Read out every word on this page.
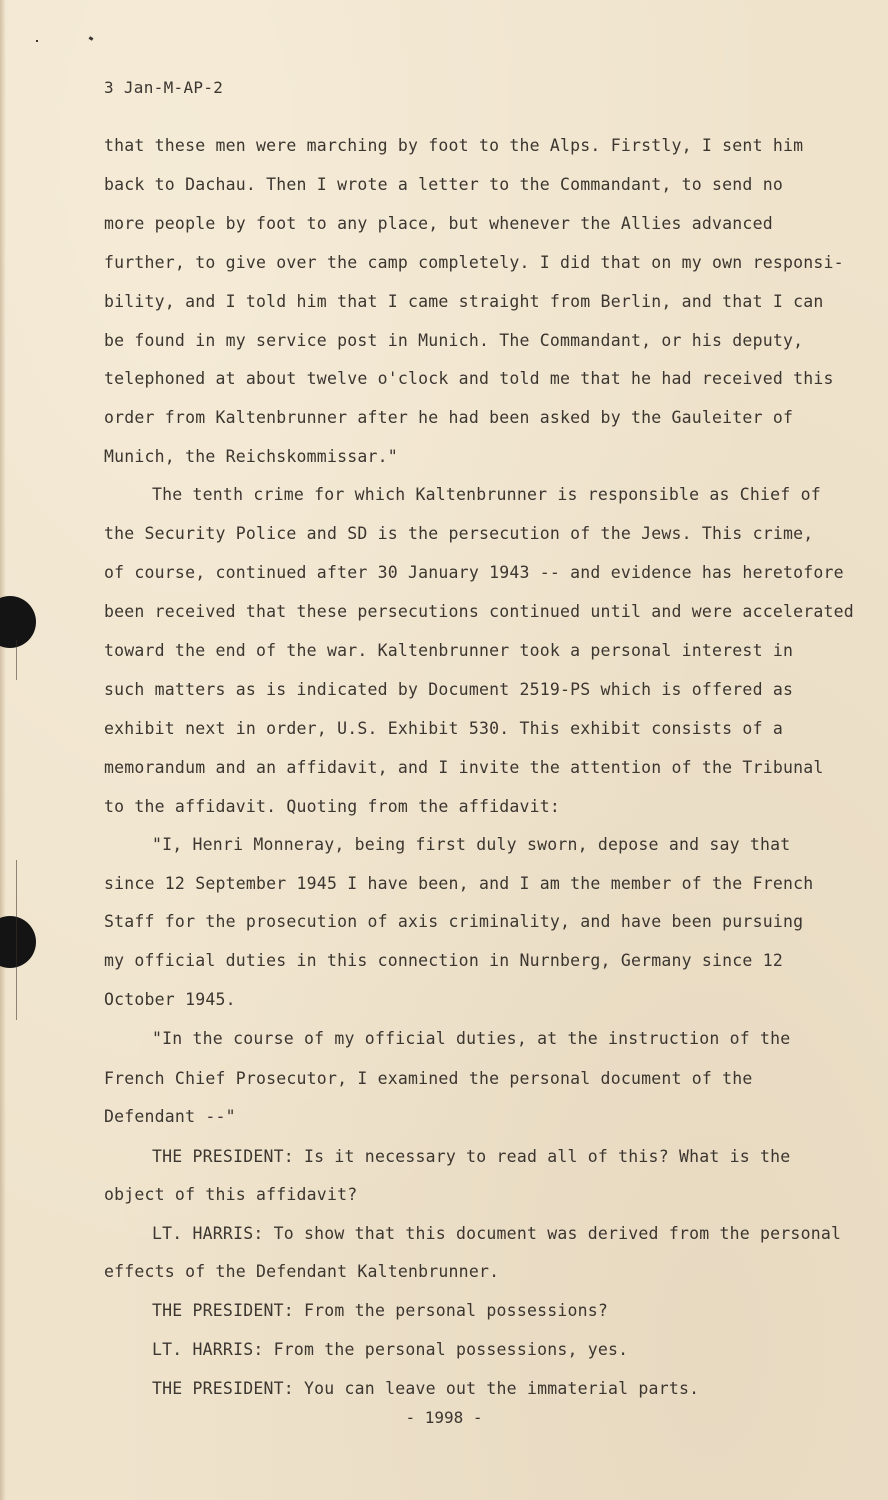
3 Jan-M-AP-2
that these men were marching by foot to the Alps. Firstly, I sent him
back to Dachau. Then I wrote a letter to the Commandant, to send no
more people by foot to any place, but whenever the Allies advanced
further, to give over the camp completely. I did that on my own responsi-
bility, and I told him that I came straight from Berlin, and that I can
be found in my service post in Munich. The Commandant, or his deputy,
telephoned at about twelve o'clock and told me that he had received this
order from Kaltenbrunner after he had been asked by the Gauleiter of
Munich, the Reichskommissar."
The tenth crime for which Kaltenbrunner is responsible as Chief of
the Security Police and SD is the persecution of the Jews. This crime,
of course, continued after 30 January 1943 -- and evidence has heretofore
been received that these persecutions continued until and were accelerated
toward the end of the war. Kaltenbrunner took a personal interest in
such matters as is indicated by Document 2519-PS which is offered as
exhibit next in order, U.S. Exhibit 530. This exhibit consists of a
memorandum and an affidavit, and I invite the attention of the Tribunal
to the affidavit. Quoting from the affidavit:
"I, Henri Monneray, being first duly sworn, depose and say that
since 12 September 1945 I have been, and I am the member of the French
Staff for the prosecution of axis criminality, and have been pursuing
my official duties in this connection in Nurnberg, Germany since 12
October 1945.
"In the course of my official duties, at the instruction of the
French Chief Prosecutor, I examined the personal document of the
Defendant --"
THE PRESIDENT: Is it necessary to read all of this? What is the
object of this affidavit?
LT. HARRIS: To show that this document was derived from the personal
effects of the Defendant Kaltenbrunner.
THE PRESIDENT: From the personal possessions?
LT. HARRIS: From the personal possessions, yes.
THE PRESIDENT: You can leave out the immaterial parts.
- 1998 -
